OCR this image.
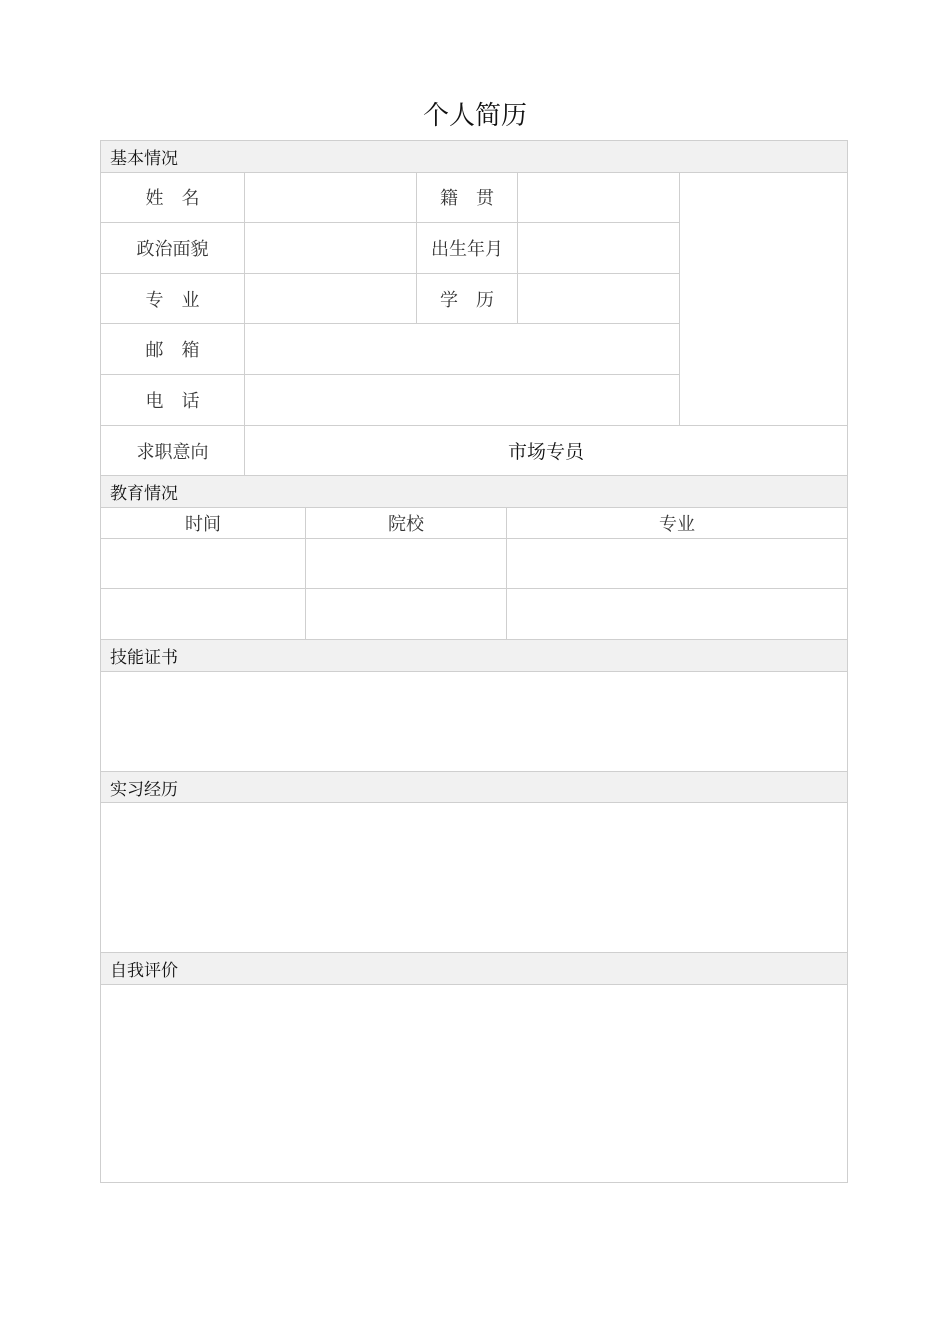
个人简历
基本情况
姓　名	籍　贯
政治面貌	出生年月
专　业	学　历
邮　箱
电　话
求职意向	市场专员
教育情况
时间	院校	专业
技能证书
实习经历
自我评价
